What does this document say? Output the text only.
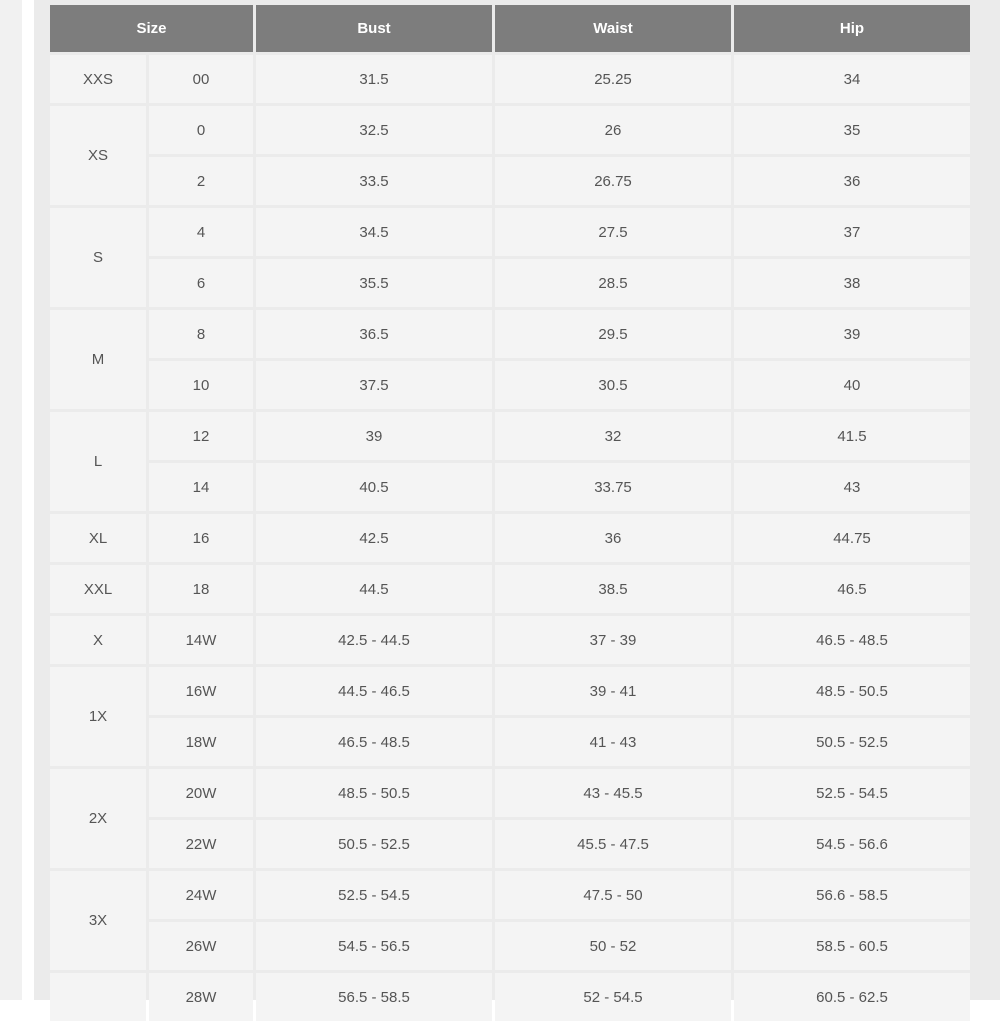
Size		Bust	Waist	Hip
XXS	00	31.5	25.25	34
XS	0	32.5	26	35
	2	33.5	26.75	36
S	4	34.5	27.5	37
	6	35.5	28.5	38
M	8	36.5	29.5	39
	10	37.5	30.5	40
L	12	39	32	41.5
	14	40.5	33.75	43
XL	16	42.5	36	44.75
XXL	18	44.5	38.5	46.5
X	14W	42.5 - 44.5	37 - 39	46.5 - 48.5
1X	16W	44.5 - 46.5	39 - 41	48.5 - 50.5
	18W	46.5 - 48.5	41 - 43	50.5 - 52.5
2X	20W	48.5 - 50.5	43 - 45.5	52.5 - 54.5
	22W	50.5 - 52.5	45.5 - 47.5	54.5 - 56.6
3X	24W	52.5 - 54.5	47.5 - 50	56.6 - 58.5
	26W	54.5 - 56.5	50 - 52	58.5 - 60.5
	28W	56.5 - 58.5	52 - 54.5	60.5 - 62.5
